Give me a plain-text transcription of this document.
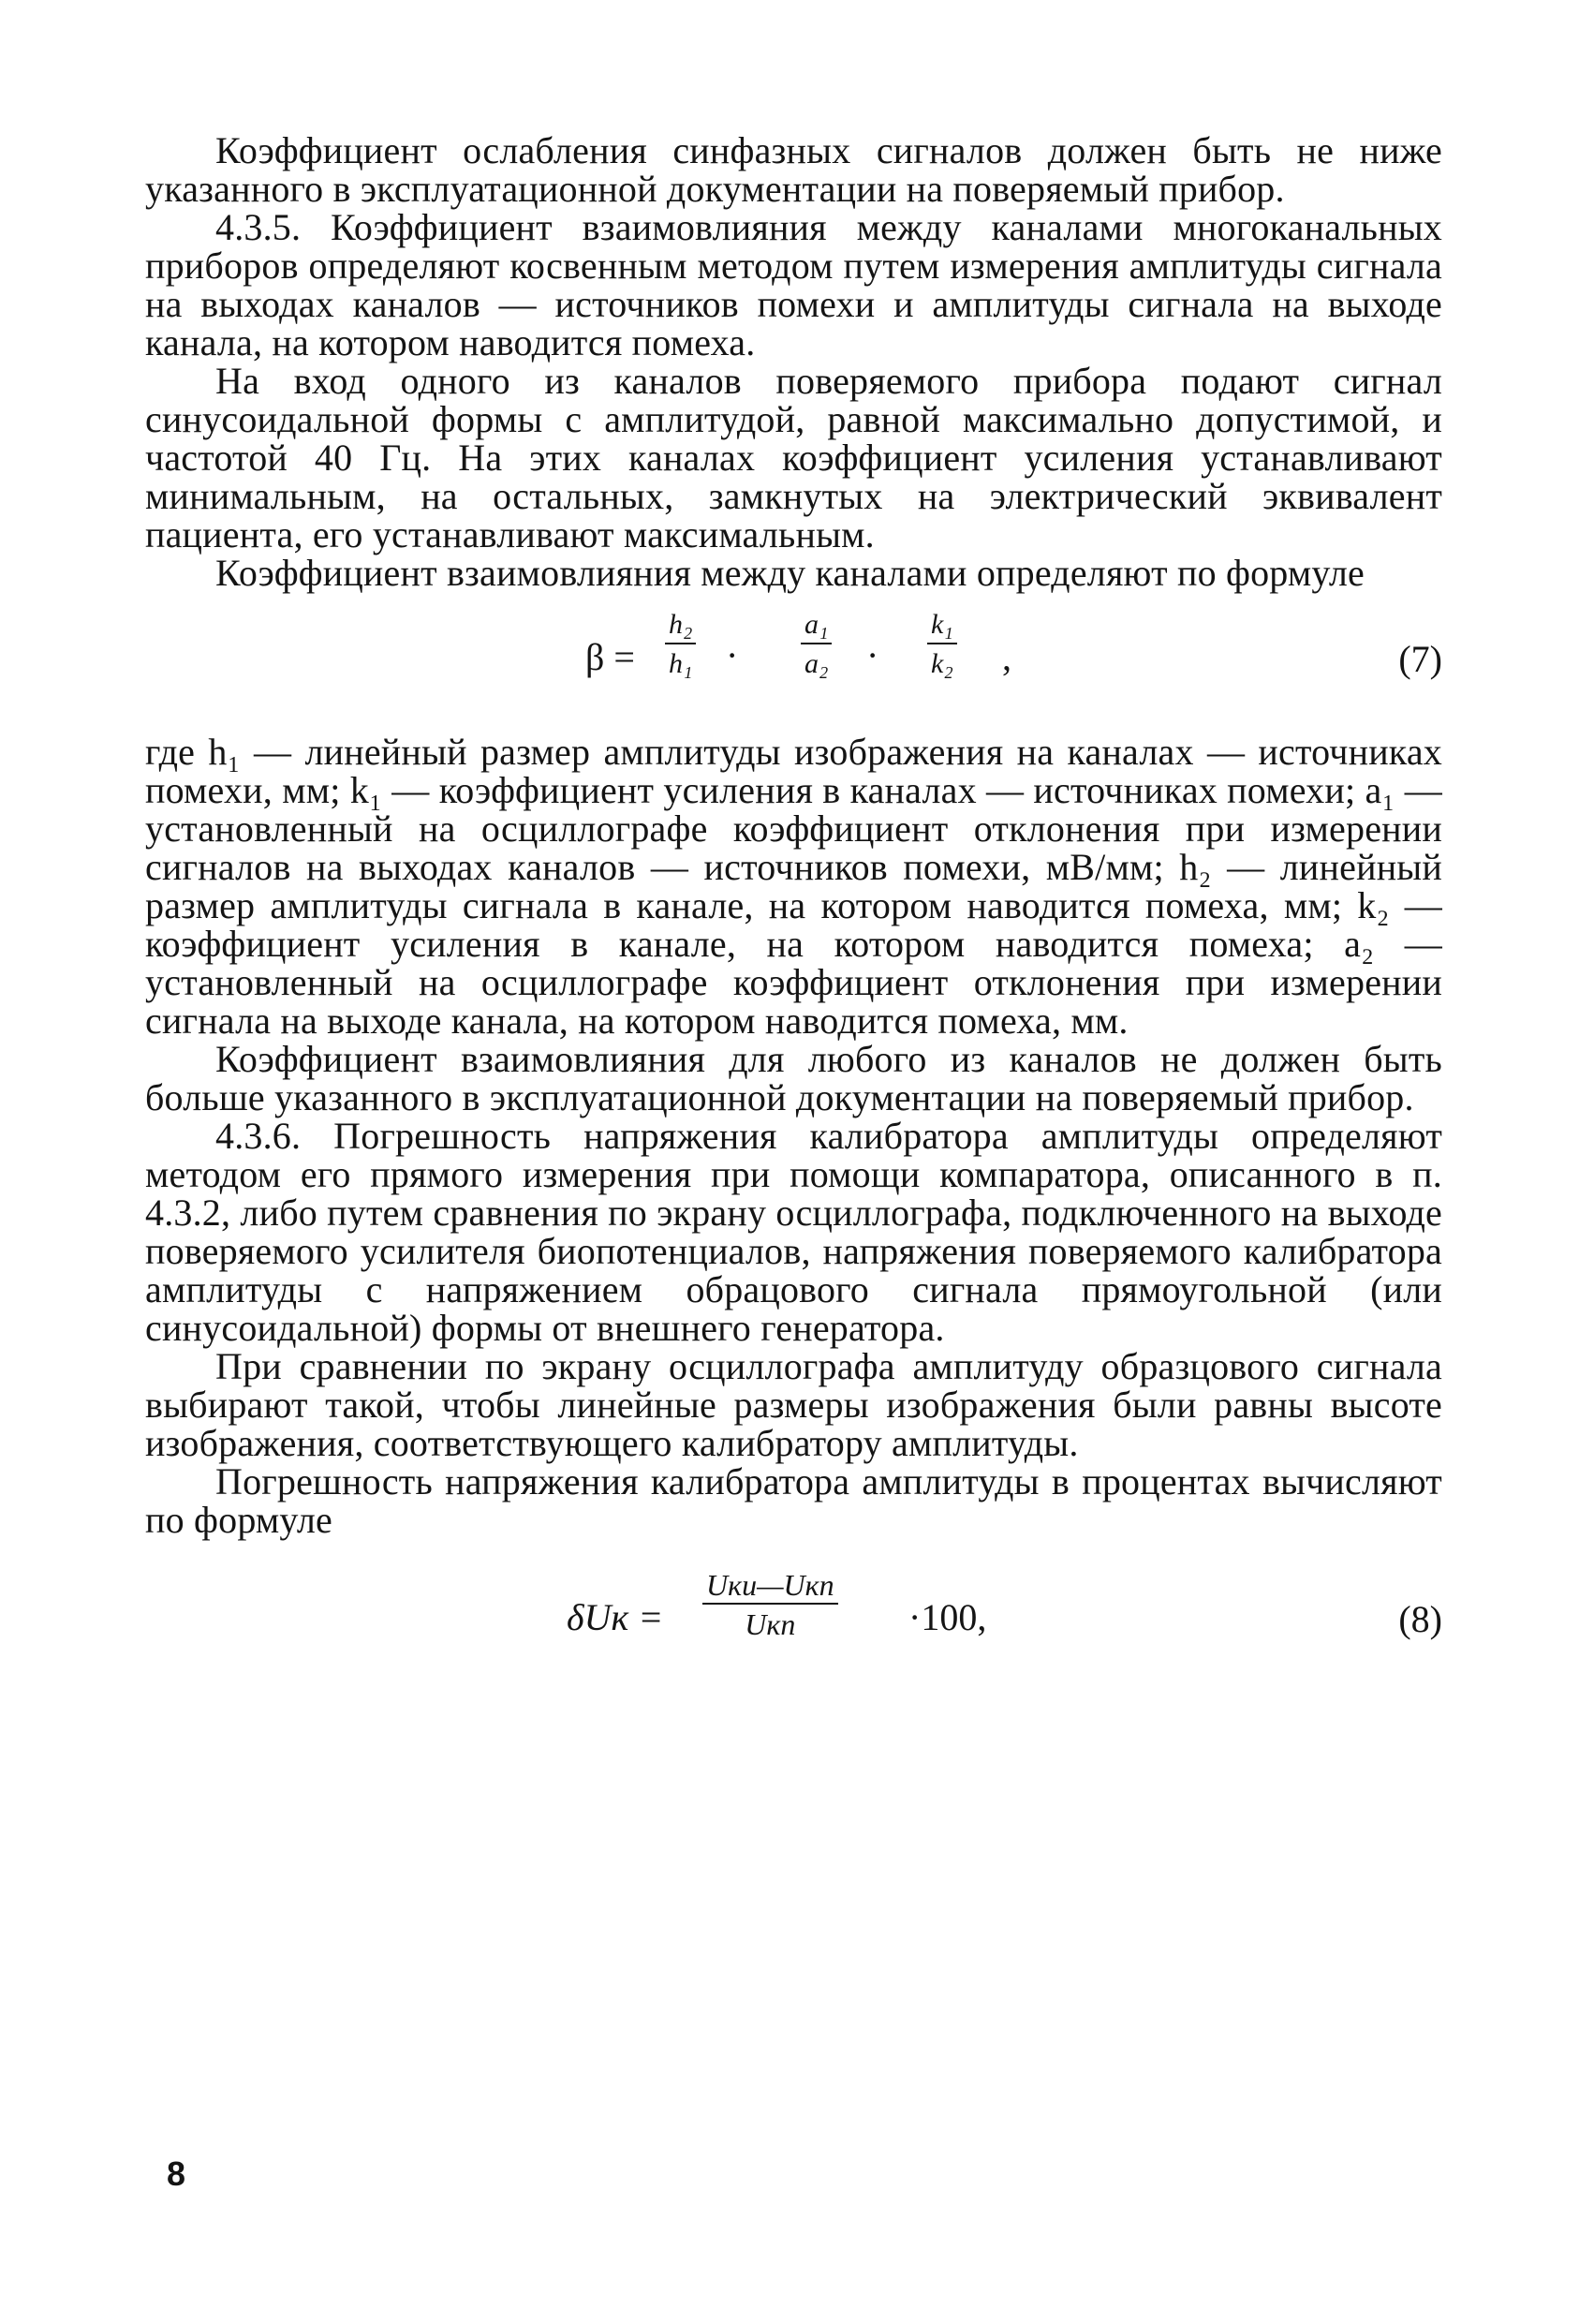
Коэффициент ослабления синфазных сигналов должен быть не ниже указанного в эксплуатационной документации на поверяемый прибор.

4.3.5. Коэффициент взаимовлияния между каналами многоканальных приборов определяют косвенным методом путем измерения амплитуды сигнала на выходах каналов — источников помехи и амплитуды сигнала на выходе канала, на котором наводится помеха.

На вход одного из каналов поверяемого прибора подают сигнал синусоидальной формы с амплитудой, равной максимально допустимой, и частотой 40 Гц. На этих каналах коэффициент усиления устанавливают минимальным, на остальных, замкнутых на электрический эквивалент пациента, его устанавливают максимальным.

Коэффициент взаимовлияния между каналами определяют по формуле

$\beta = \frac{\text{h₂}}{\text{h₁}} \cdot \frac{\text{a₁}}{\text{a₂}} \cdot \frac{\text{k₁}}{\text{k₂}}$ ,	(7)

где h₁ — линейный размер амплитуды изображения на каналах — источниках помехи, мм; k₁ — коэффициент усиления в каналах — источниках помехи; a₁ — установленный на осциллографе коэффициент отклонения при измерении сигналов на выходах каналов — источников помехи, мВ/мм; h₂ — линейный размер амплитуды сигнала в канале, на котором наводится помеха, мм; k₂ — коэффициент усиления в канале, на котором наводится помеха; a₂ — установленный на осциллографе коэффициент отклонения при измерении сигнала на выходе канала, на котором наводится помеха, мм.

Коэффициент взаимовлияния для любого из каналов не должен быть больше указанного в эксплуатационной документации на поверяемый прибор.

4.3.6. Погрешность напряжения калибратора амплитуды определяют методом его прямого измерения при помощи компаратора, описанного в п. 4.3.2, либо путем сравнения по экрану осциллографа, подключенного на выходе поверяемого усилителя биопотенциалов, напряжения поверяемого калибратора амплитуды с напряжением обрацового сигнала прямоугольной (или синусоидальной) формы от внешнего генератора.

При сравнении по экрану осциллографа амплитуду образцового сигнала выбирают такой, чтобы линейные размеры изображения были равны высоте изображения, соответствующего калибратору амплитуды.

Погрешность напряжения калибратора амплитуды в процентах вычисляют по формуле

δUк =
Uки—Uкп
Uкп	·100,	(8)
8
